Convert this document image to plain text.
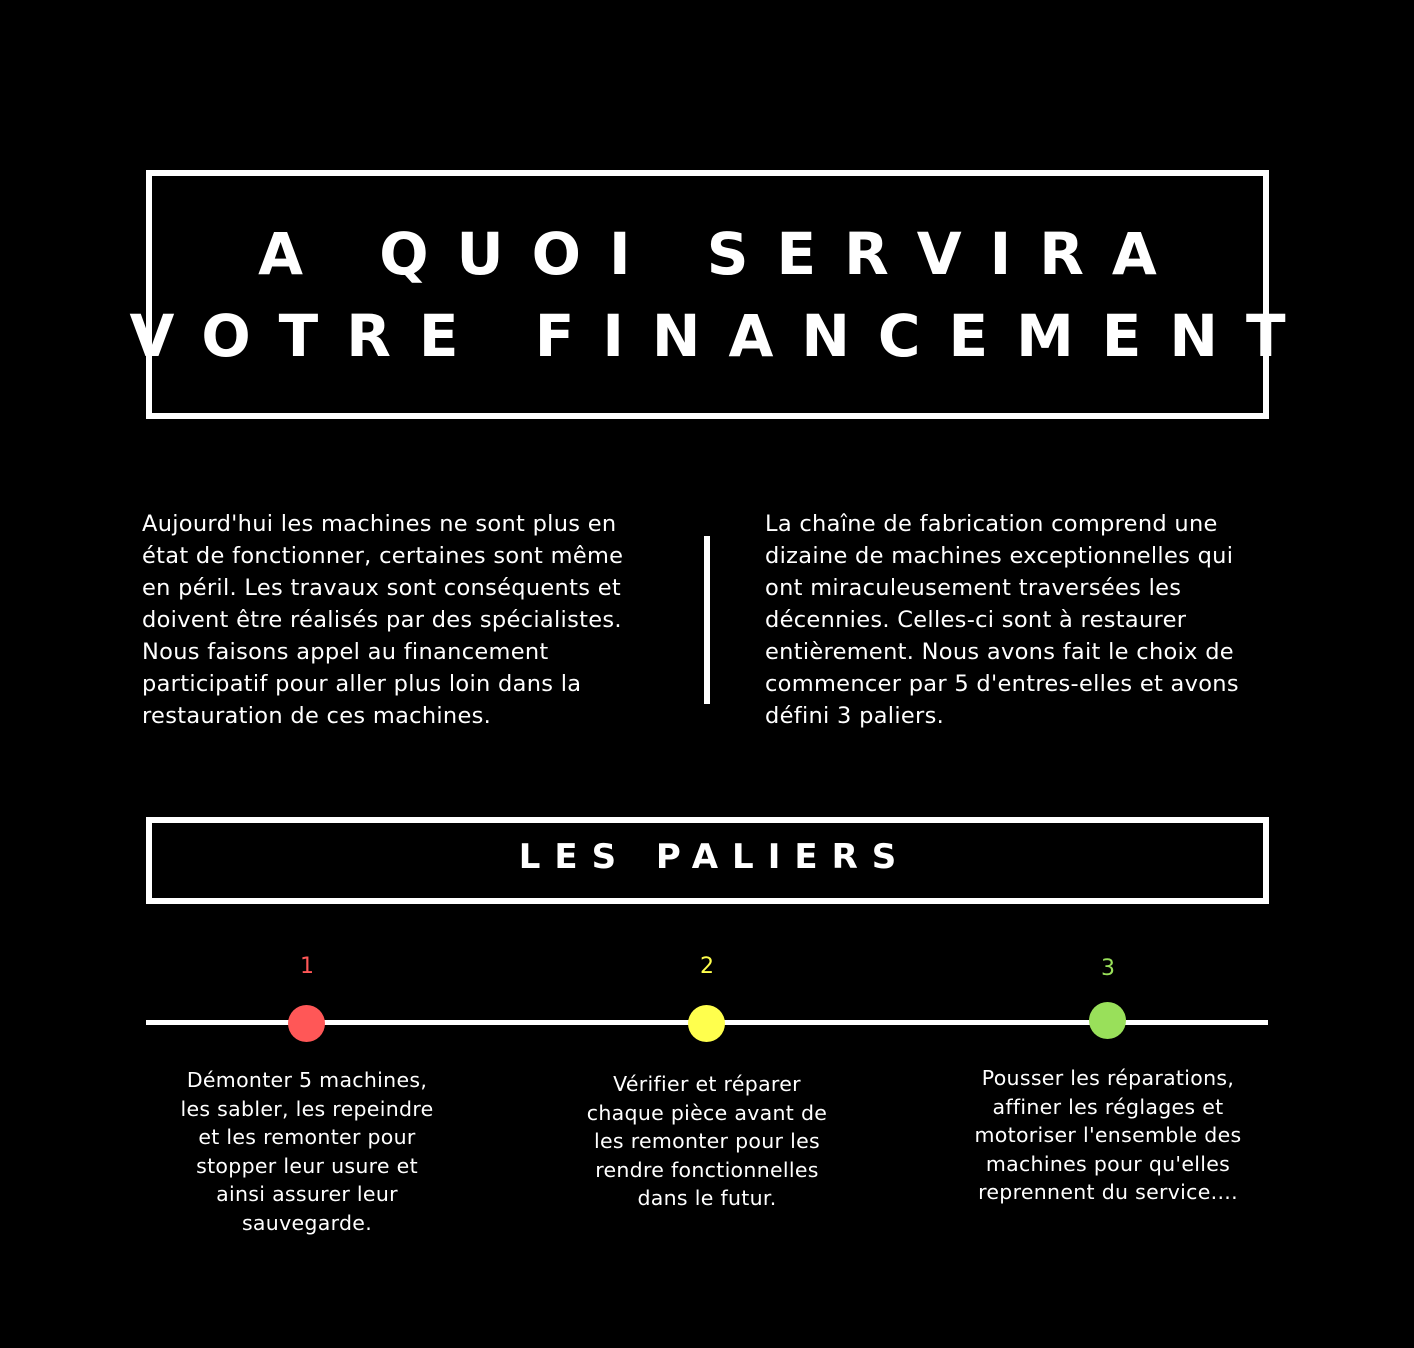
A QUOI SERVIRA
VOTRE FINANCEMENT
Aujourd'hui les machines ne sont plus en état de fonctionner, certaines sont même en péril. Les travaux sont conséquents et doivent être réalisés par des spécialistes. Nous faisons appel au financement participatif pour aller plus loin dans la restauration de ces machines.
La chaîne de fabrication comprend une dizaine de machines exceptionnelles qui ont miraculeusement traversées les décennies. Celles-ci sont à restaurer entièrement. Nous avons fait le choix de commencer par 5 d'entres-elles et avons défini 3 paliers.
LES PALIERS
1
Démonter 5 machines, les sabler, les repeindre et les remonter pour stopper leur usure et ainsi assurer leur sauvegarde.
2
Vérifier et réparer chaque pièce avant de les remonter pour les rendre fonctionnelles dans le futur.
3
Pousser les réparations, affiner les réglages et motoriser l'ensemble des machines pour qu'elles reprennent du service....
